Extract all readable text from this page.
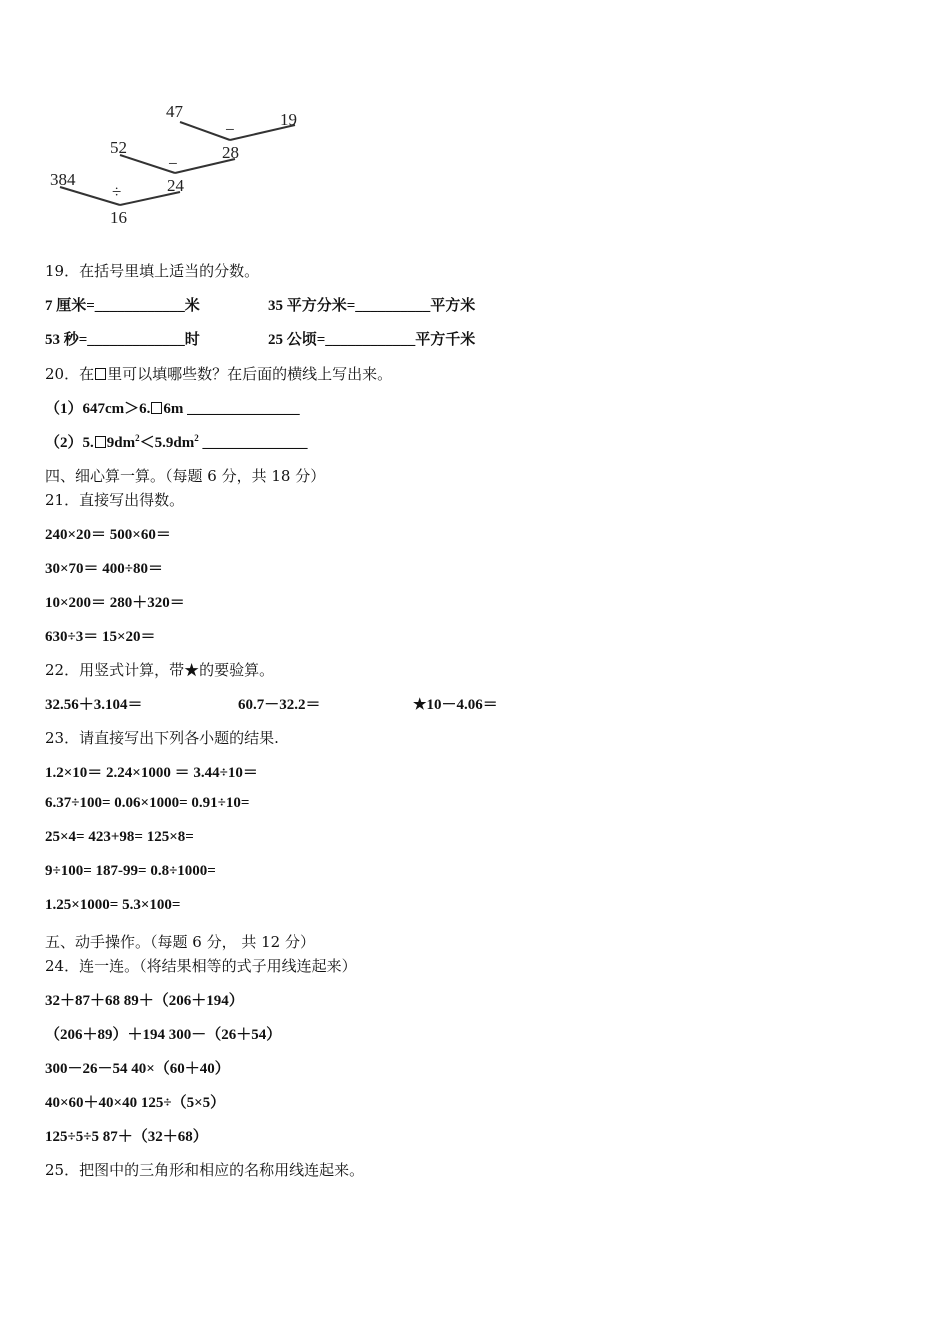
47
−
19
52
−
28
384
÷	24
16
19．在括号里填上适当的分数。
7 厘米=____________米	35 平方分米=__________平方米
53 秒=_____________时	25 公顷=____________平方千米
20．在 里可以填哪些数？在后面的横线上写出来。
（1）647cm＞6. 6m _______________
（2）5. $9dm^2<5.9dm^2$ ______________
四、细心算一算。（每题 6 分，共 18 分）
21．直接写出得数。
240×20＝ 500×60＝
30×70＝ 400÷80＝
10×200＝ 280＋320＝
630÷3＝ 15×20＝
22．用竖式计算，带★的要验算。
32.56＋3.104＝	60.7－32.2＝	★10－4.06＝
23．请直接写出下列各小题的结果.
1.2×10＝ 2.24×1000 ＝ 3.44÷10＝
6.37÷100= 0.06×1000= 0.91÷10=
25×4= 423+98= 125×8=
9÷100= 187-99= 0.8÷1000=
1.25×1000= 5.3×100=
五、动手操作。（每题 6 分， 共 12 分）
24．连一连。（将结果相等的式子用线连起来）
32＋87＋68 89＋（206＋194）
（206＋89）＋194 300－（26＋54）
300－26－54 40×（60＋40）
40×60＋40×40 125÷（5×5）
125÷5÷5 87＋（32＋68）
25．把图中的三角形和相应的名称用线连起来。
